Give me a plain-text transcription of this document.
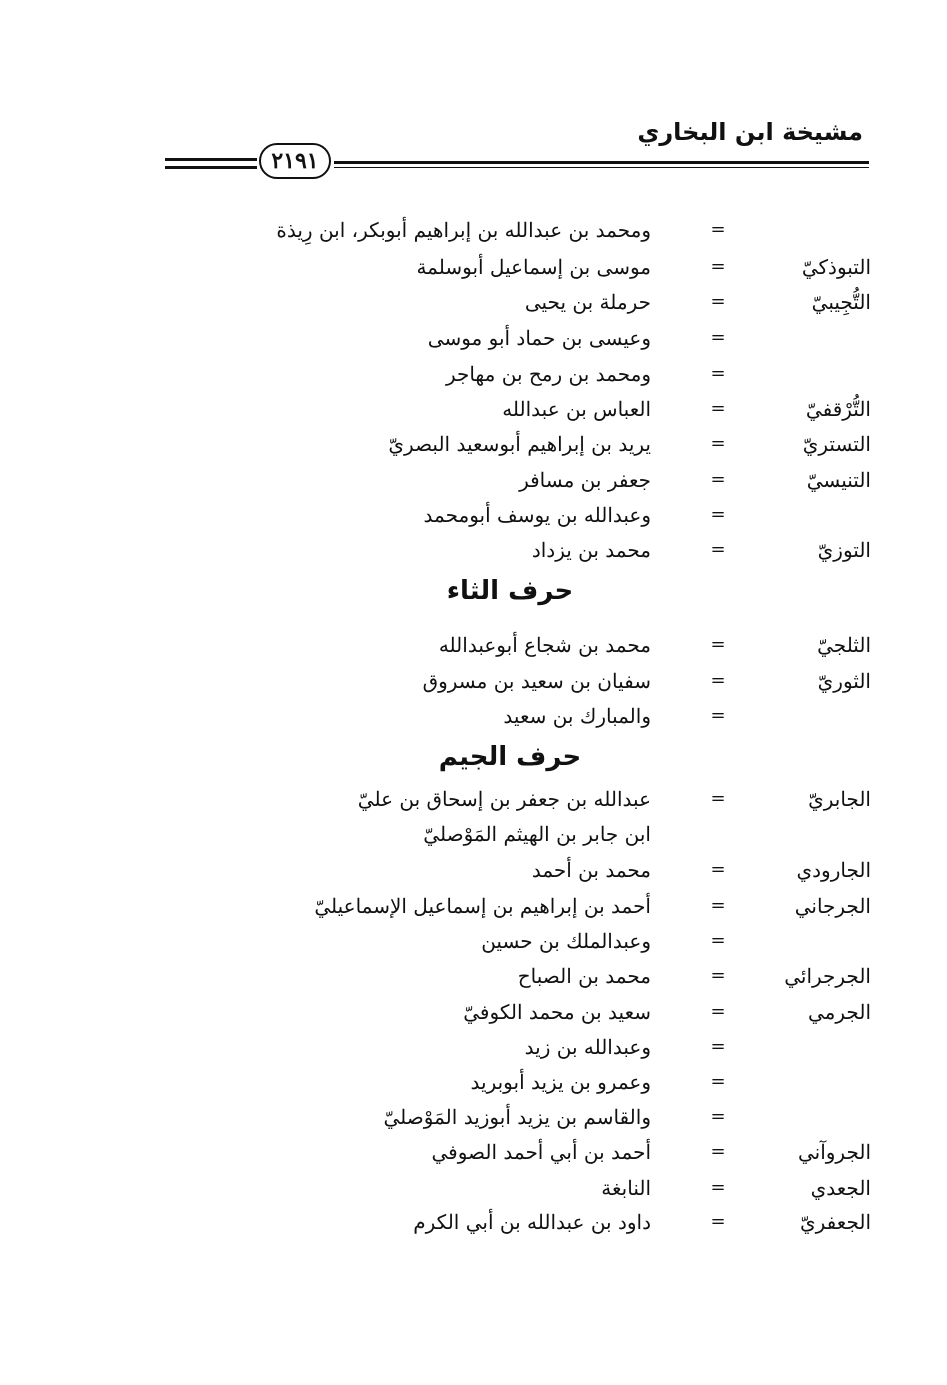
مشيخة ابن البخاري
٢١٩١
=
ومحمد بن عبدالله بن إبراهيم أبوبكر، ابن رِيذة
التبوذكيّ
=
موسى بن إسماعيل أبوسلمة
التُّجِيبيّ
=
حرملة بن يحيى
=
وعيسى بن حماد أبو موسى
=
ومحمد بن رمح بن مهاجر
التُّرْقفيّ
=
العباس بن عبدالله
التستريّ
=
يريد بن إبراهيم أبوسعيد البصريّ
التنيسيّ
=
جعفر بن مسافر
=
وعبدالله بن يوسف أبومحمد
التوزيّ
=
محمد بن يزداد
حرف الثاء
الثلجيّ
=
محمد بن شجاع أبوعبدالله
الثوريّ
=
سفيان بن سعيد بن مسروق
=
والمبارك بن سعيد
حرف الجيم
الجابريّ
=
عبدالله بن جعفر بن إسحاق بن عليّ
ابن جابر بن الهيثم المَوْصليّ
الجارودي
=
محمد بن أحمد
الجرجاني
=
أحمد بن إبراهيم بن إسماعيل الإسماعيليّ
=
وعبدالملك بن حسين
الجرجرائي
=
محمد بن الصباح
الجرمي
=
سعيد بن محمد الكوفيّ
=
وعبدالله بن زيد
=
وعمرو بن يزيد أبوبريد
=
والقاسم بن يزيد أبوزيد المَوْصليّ
الجروآني
=
أحمد بن أبي أحمد الصوفي
الجعدي
=
النابغة
الجعفريّ
=
داود بن عبدالله بن أبي الكرم
